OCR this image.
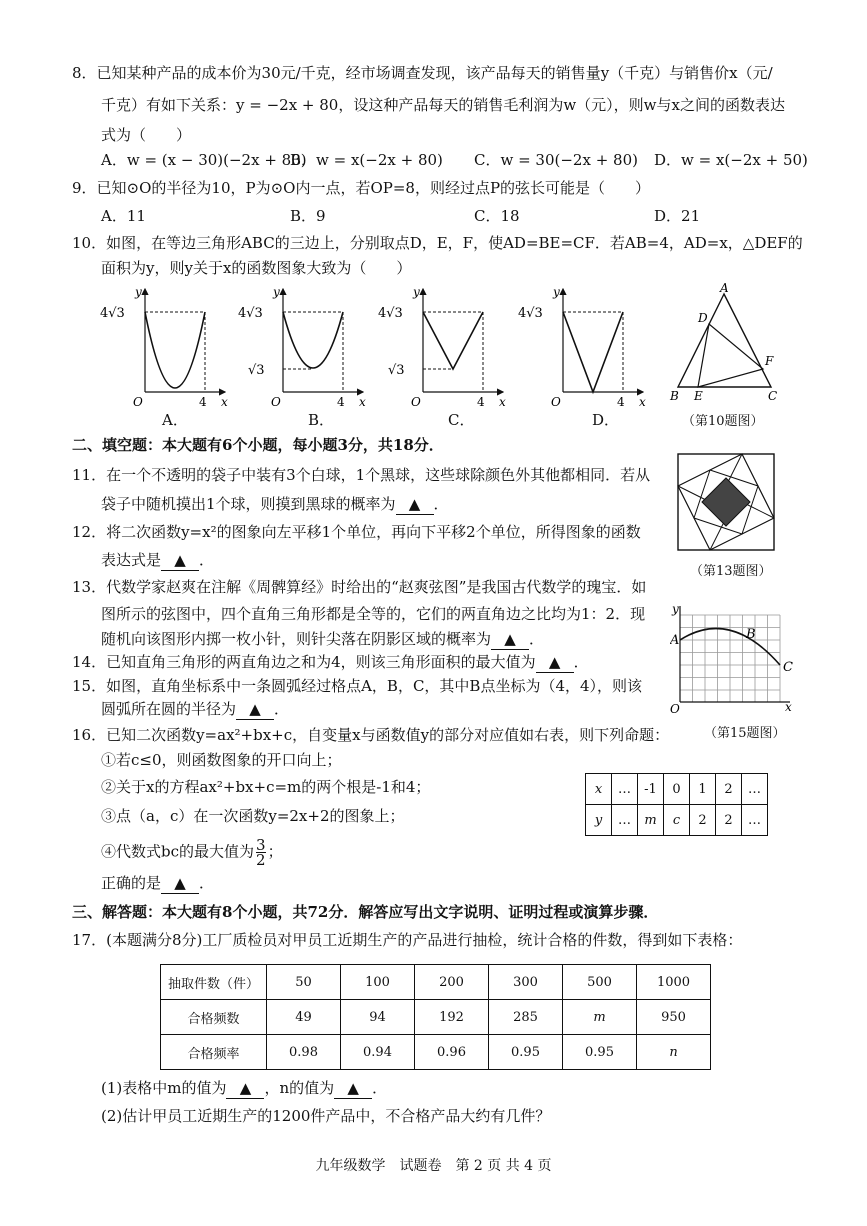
8．已知某种产品的成本价为30元/千克，经市场调查发现，该产品每天的销售量y（千克）与销售价x（元/
千克）有如下关系：y = −2x + 80，设这种产品每天的销售毛利润为w（元），则w与x之间的函数表达
式为（　　）
A．w = (x − 30)(−2x + 80)
B．w = x(−2x + 80) C．w = 30(−2x + 80) D．w = x(−2x + 50)
9．已知⊙O的半径为10，P为⊙O内一点，若OP=8，则经过点P的弦长可能是（　　）
A．11	B．9	C．18	D．21
10．如图，在等边三角形ABC的三边上，分别取点D，E，F，使AD=BE=CF．若AB=4，AD=x，△DEF的
面积为y，则y关于x的函数图象大致为（　　）
4√3
O	4 x
y
4√3
√3
O	4 x
y
4√3
√3
O	4 x
y
4√3
O	4 x
y
A．	B．	C．	D．
A
D
F
B E	C
（第10题图）
二、填空题：本大题有6个小题，每小题3分，共18分．
11．在一个不透明的袋子中装有3个白球，1个黑球，这些球除颜色外其他都相同．若从
袋子中随机摸出1个球，则摸到黑球的概率为 ▲ ．
12．将二次函数y=x²的图象向左平移1个单位，再向下平移2个单位，所得图象的函数
表达式是 ▲ ．
（第13题图）
13．代数学家赵爽在注解《周髀算经》时给出的“赵爽弦图”是我国古代数学的瑰宝．如
图所示的弦图中，四个直角三角形都是全等的，它们的两直角边之比均为1：2．现
随机向该图形内掷一枚小针，则针尖落在阴影区域的概率为 ▲ ．
14．已知直角三角形的两直角边之和为4，则该三角形面积的最大值为 ▲ ．
y
x
O
A	B
C
（第15题图）
15．如图，直角坐标系中一条圆弧经过格点A，B，C，其中B点坐标为（4，4），则该
圆弧所在圆的半径为 ▲ ．
16．已知二次函数y=ax²+bx+c，自变量x与函数值y的部分对应值如右表，则下列命题：
①若c≤0，则函数图象的开口向上；
②关于x的方程ax²+bx+c=m的两个根是-1和4；
③点（a，c）在一次函数y=2x+2的图象上；
④代数式bc的最大值为 $\frac{3}{2}$ ；
正确的是 ▲ ．
x	…	-1	0	1	2	…
y	…	m	c	2	2	…
三、解答题：本大题有8个小题，共72分．解答应写出文字说明、证明过程或演算步骤．
17．(本题满分8分)工厂质检员对甲员工近期生产的产品进行抽检，统计合格的件数，得到如下表格：
抽取件数（件）	50	100	200	300	500	1000
合格频数	49	94	192	285	m	950
合格频率	0.98	0.94	0.96	0.95	0.95	n
(1)表格中m的值为 ▲ ，n的值为 ▲ ．
(2)估计甲员工近期生产的1200件产品中，不合格产品大约有几件？
九年级数学　试题卷　第 2 页 共 4 页
